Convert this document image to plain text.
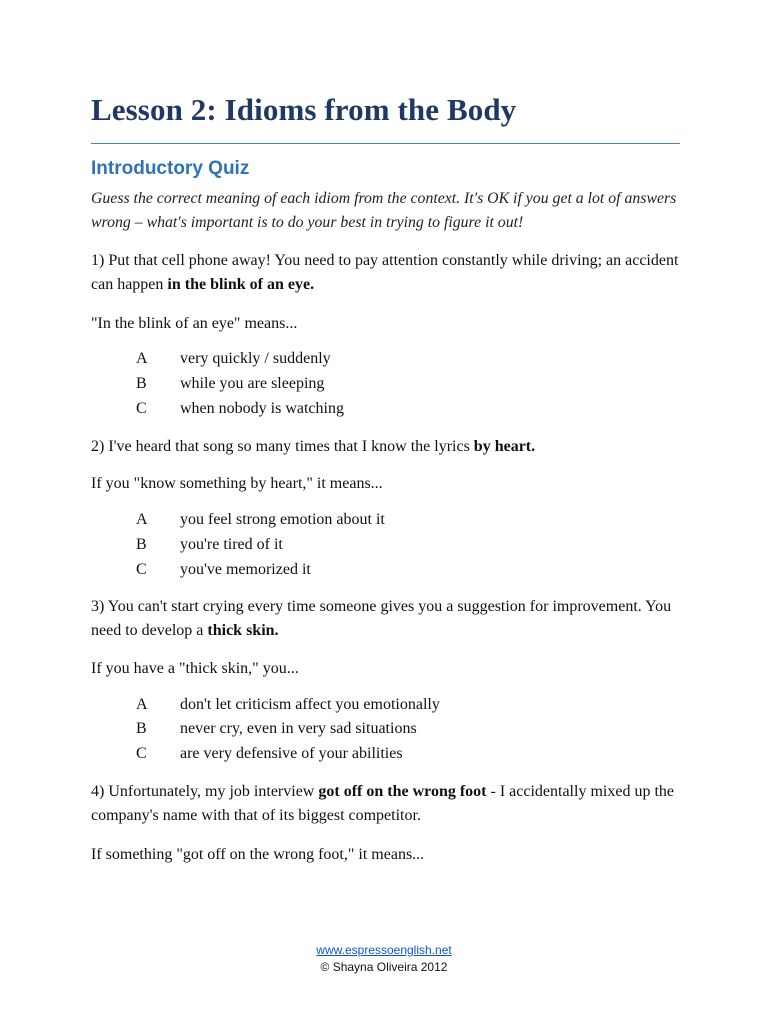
Lesson 2: Idioms from the Body
Introductory Quiz
Guess the correct meaning of each idiom from the context. It's OK if you get a lot of answers wrong – what's important is to do your best in trying to figure it out!
1) Put that cell phone away! You need to pay attention constantly while driving; an accident can happen in the blink of an eye.
"In the blink of an eye" means...
A very quickly / suddenly
B while you are sleeping
C when nobody is watching
2) I've heard that song so many times that I know the lyrics by heart.
If you "know something by heart," it means...
A you feel strong emotion about it
B you're tired of it
C you've memorized it
3) You can't start crying every time someone gives you a suggestion for improvement. You need to develop a thick skin.
If you have a "thick skin," you...
A don't let criticism affect you emotionally
B never cry, even in very sad situations
C are very defensive of your abilities
4) Unfortunately, my job interview got off on the wrong foot - I accidentally mixed up the company's name with that of its biggest competitor.
If something "got off on the wrong foot," it means...
www.espressoenglish.net
© Shayna Oliveira 2012
